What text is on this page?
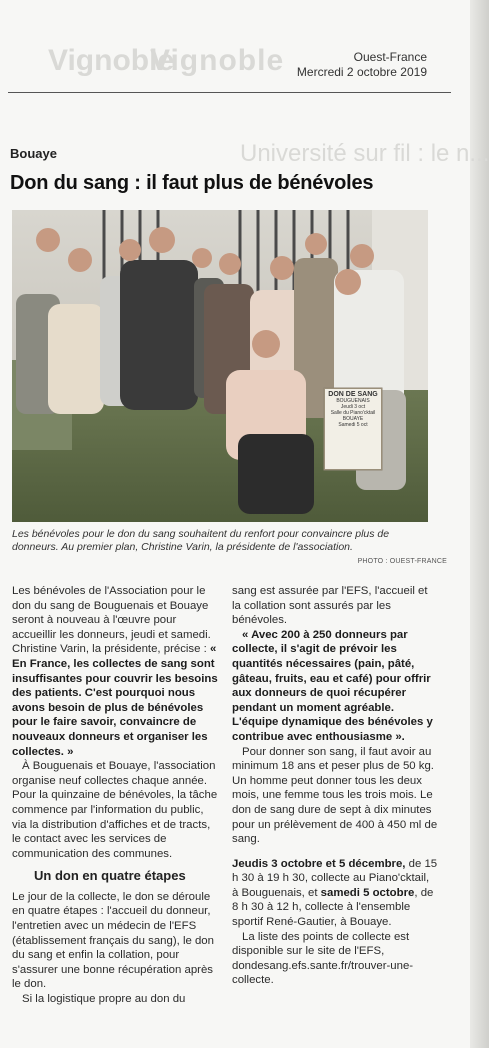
Vignoble
Vignoble
Université sur fil : le n...
Ouest-France
Mercredi 2 octobre 2019
Bouaye
Don du sang : il faut plus de bénévoles
DON DE SANG
BOUGUENAIS
Jeudi 3 oct
Salle du Piano'cktail
BOUAYE
Samedi 5 oct
Les bénévoles pour le don du sang souhaitent du renfort pour convaincre plus de donneurs. Au premier plan, Christine Varin, la présidente de l'association.
PHOTO : OUEST-FRANCE

Les bénévoles de l'Association pour le don du sang de Bouguenais et Bouaye seront à nouveau à l'œuvre pour accueillir les donneurs, jeudi et samedi. Christine Varin, la présidente, précise : « En France, les collectes de sang sont insuffisantes pour couvrir les besoins des patients. C'est pourquoi nous avons besoin de plus de bénévoles pour le faire savoir, convaincre de nouveaux donneurs et organiser les collectes. »

À Bouguenais et Bouaye, l'association organise neuf collectes chaque année. Pour la quinzaine de bénévoles, la tâche commence par l'information du public, via la distribution d'affiches et de tracts, le contact avec les services de communication des communes.

Un don en quatre étapes

Le jour de la collecte, le don se déroule en quatre étapes : l'accueil du donneur, l'entretien avec un médecin de l'EFS (établissement français du sang), le don du sang et enfin la collation, pour s'assurer une bonne récupération après le don.

Si la logistique propre au don du

sang est assurée par l'EFS, l'accueil et la collation sont assurés par les bénévoles.

« Avec 200 à 250 donneurs par collecte, il s'agit de prévoir les quantités nécessaires (pain, pâté, gâteau, fruits, eau et café) pour offrir aux donneurs de quoi récupérer pendant un moment agréable. L'équipe dynamique des bénévoles y contribue avec enthousiasme ».

Pour donner son sang, il faut avoir au minimum 18 ans et peser plus de 50 kg. Un homme peut donner tous les deux mois, une femme tous les trois mois. Le don de sang dure de sept à dix minutes pour un prélèvement de 400 à 450 ml de sang.

Jeudis 3 octobre et 5 décembre, de 15 h 30 à 19 h 30, collecte au Piano'cktail, à Bouguenais, et samedi 5 octobre, de 8 h 30 à 12 h, collecte à l'ensemble sportif René-Gautier, à Bouaye.

La liste des points de collecte est disponible sur le site de l'EFS, dondesang.efs.sante.fr/trouver-une-collecte.
